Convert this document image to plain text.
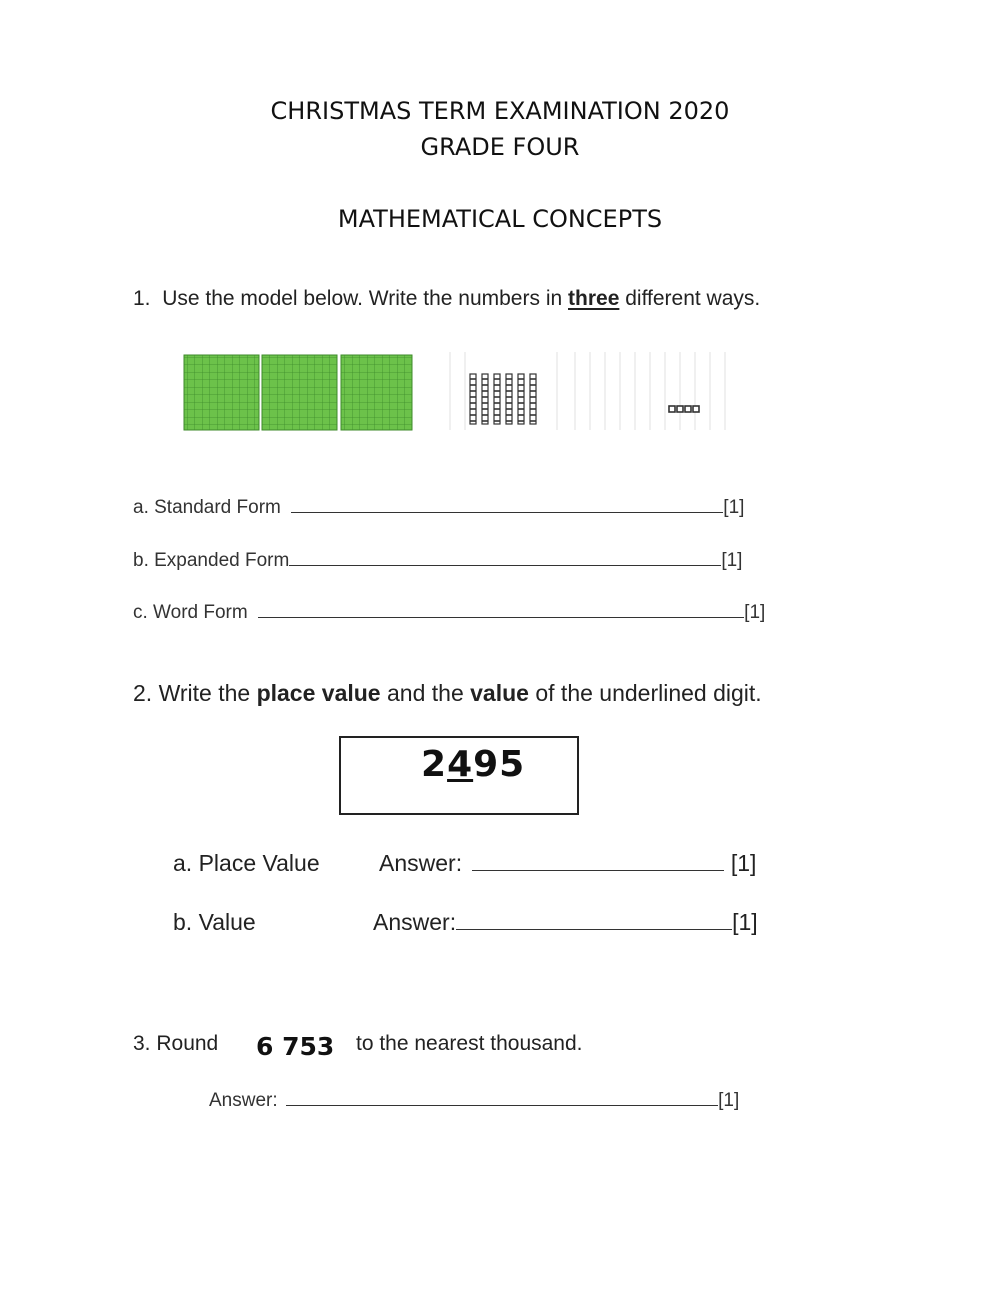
CHRISTMAS TERM EXAMINATION 2020
GRADE FOUR
MATHEMATICAL CONCEPTS
1. Use the model below. Write the numbers in three different ways.
a. Standard Form	[1]
b. Expanded Form	[1]
c. Word Form	[1]
2. Write the place value and the value of the underlined digit.
2495
a. Place Value	Answer:	[1]
b. Value	Answer:	[1]
3. Round 6 753 to the nearest thousand.
Answer:	[1]
